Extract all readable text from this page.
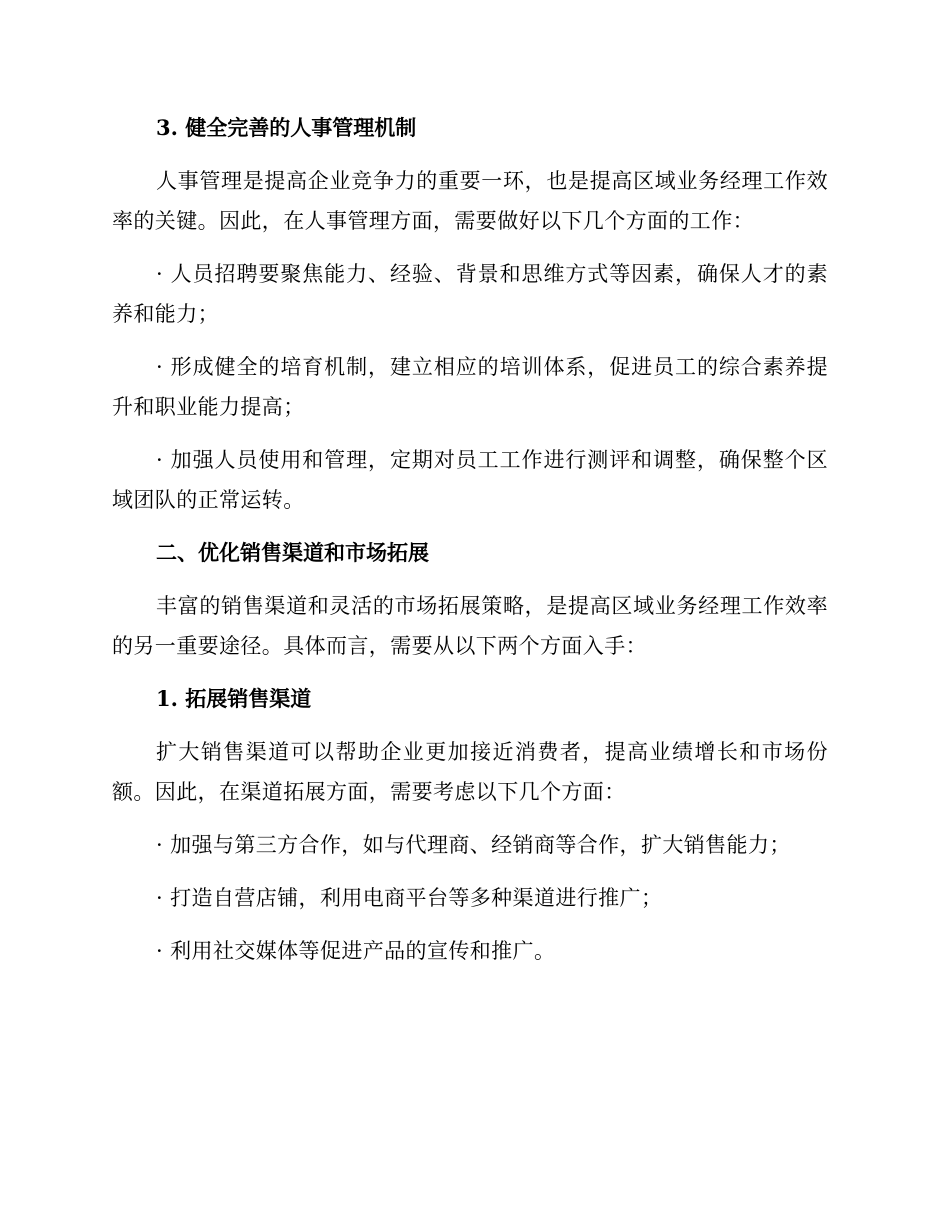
3. 健全完善的人事管理机制
人事管理是提高企业竞争力的重要一环，也是提高区域业务经理工作效率的关键。因此，在人事管理方面，需要做好以下几个方面的工作：
· 人员招聘要聚焦能力、经验、背景和思维方式等因素，确保人才的素养和能力；
· 形成健全的培育机制，建立相应的培训体系，促进员工的综合素养提升和职业能力提高；
· 加强人员使用和管理，定期对员工工作进行测评和调整，确保整个区域团队的正常运转。
二、优化销售渠道和市场拓展
丰富的销售渠道和灵活的市场拓展策略，是提高区域业务经理工作效率的另一重要途径。具体而言，需要从以下两个方面入手：
1. 拓展销售渠道
扩大销售渠道可以帮助企业更加接近消费者，提高业绩增长和市场份额。因此，在渠道拓展方面，需要考虑以下几个方面：
· 加强与第三方合作，如与代理商、经销商等合作，扩大销售能力；
· 打造自营店铺，利用电商平台等多种渠道进行推广；
· 利用社交媒体等促进产品的宣传和推广。
